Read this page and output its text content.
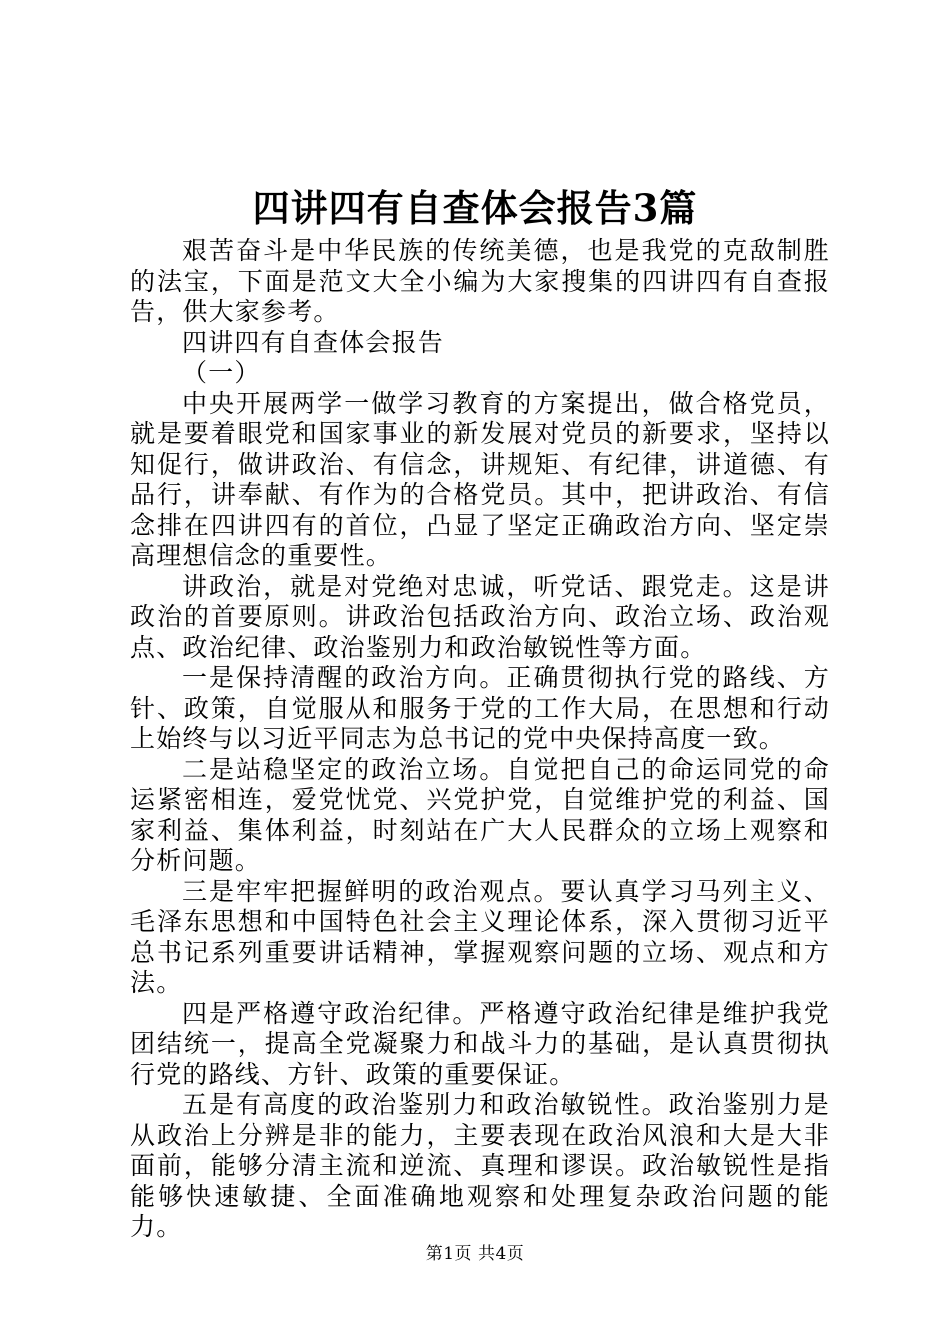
四讲四有自查体会报告3篇

艰苦奋斗是中华民族的传统美德，也是我党的克敌制胜的法宝，下面是范文大全小编为大家搜集的四讲四有自查报告，供大家参考。

四讲四有自查体会报告

（一）

中央开展两学一做学习教育的方案提出，做合格党员，就是要着眼党和国家事业的新发展对党员的新要求，坚持以知促行，做讲政治、有信念，讲规矩、有纪律，讲道德、有品行，讲奉献、有作为的合格党员。其中，把讲政治、有信念排在四讲四有的首位，凸显了坚定正确政治方向、坚定崇高理想信念的重要性。

讲政治，就是对党绝对忠诚，听党话、跟党走。这是讲政治的首要原则。讲政治包括政治方向、政治立场、政治观点、政治纪律、政治鉴别力和政治敏锐性等方面。

一是保持清醒的政治方向。正确贯彻执行党的路线、方针、政策，自觉服从和服务于党的工作大局，在思想和行动上始终与以习近平同志为总书记的党中央保持高度一致。

二是站稳坚定的政治立场。自觉把自己的命运同党的命运紧密相连，爱党忧党、兴党护党，自觉维护党的利益、国家利益、集体利益，时刻站在广大人民群众的立场上观察和分析问题。

三是牢牢把握鲜明的政治观点。要认真学习马列主义、毛泽东思想和中国特色社会主义理论体系，深入贯彻习近平总书记系列重要讲话精神，掌握观察问题的立场、观点和方法。

四是严格遵守政治纪律。严格遵守政治纪律是维护我党团结统一，提高全党凝聚力和战斗力的基础，是认真贯彻执行党的路线、方针、政策的重要保证。

五是有高度的政治鉴别力和政治敏锐性。政治鉴别力是从政治上分辨是非的能力，主要表现在政治风浪和大是大非面前，能够分清主流和逆流、真理和谬误。政治敏锐性是指能够快速敏捷、全面准确地观察和处理复杂政治问题的能力。

第1页 共4页
